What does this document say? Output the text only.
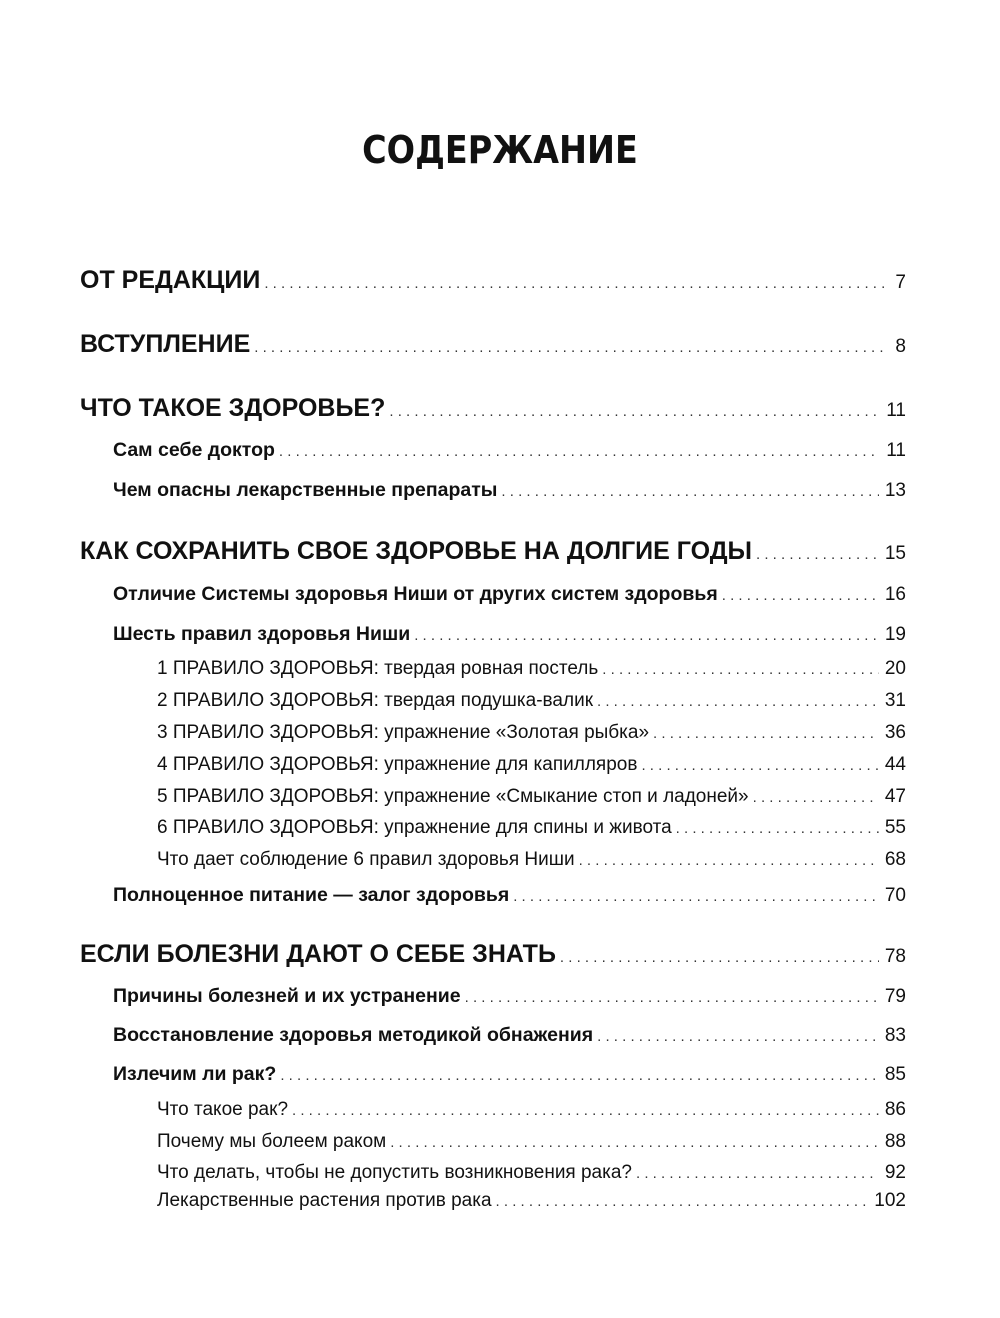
СОДЕРЖАНИЕ
ОТ РЕДАКЦИИ . . .	7
ВСТУПЛЕНИЕ . . .	8
ЧТО ТАКОЕ ЗДОРОВЬЕ? . . .	11
Сам себе доктор . . .	11
Чем опасны лекарственные препараты . . .	13
КАК СОХРАНИТЬ СВОЕ ЗДОРОВЬЕ НА ДОЛГИЕ ГОДЫ . . .	15
Отличие Системы здоровья Ниши от других систем здоровья . . .	16
Шесть правил здоровья Ниши . . .	19
1 ПРАВИЛО ЗДОРОВЬЯ: твердая ровная постель . . .	20
2 ПРАВИЛО ЗДОРОВЬЯ: твердая подушка-валик . . .	31
3 ПРАВИЛО ЗДОРОВЬЯ: упражнение «Золотая рыбка» . . .	36
4 ПРАВИЛО ЗДОРОВЬЯ: упражнение для капилляров . . .	44
5 ПРАВИЛО ЗДОРОВЬЯ: упражнение «Смыкание стоп и ладоней» . . .	47
6 ПРАВИЛО ЗДОРОВЬЯ: упражнение для спины и живота . . .	55
Что дает соблюдение 6 правил здоровья Ниши . . .	68
Полноценное питание — залог здоровья . . .	70
ЕСЛИ БОЛЕЗНИ ДАЮТ О СЕБЕ ЗНАТЬ . . .	78
Причины болезней и их устранение . . .	79
Восстановление здоровья методикой обнажения . . .	83
Излечим ли рак? . . .	85
Что такое рак? . . .	86
Почему мы болеем раком . . .	88
Что делать, чтобы не допустить возникновения рака? . . .	92
Лекарственные растения против рака . . .	102
